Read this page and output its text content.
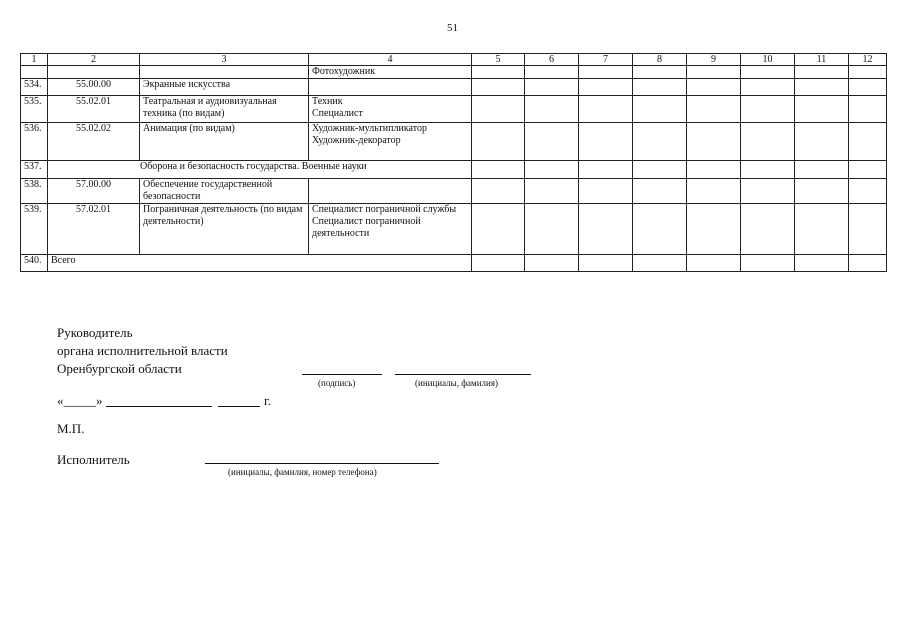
51
1	2	3	4	5	6	7	8	9	10	11	12
			Фотохудожник								
534.	55.00.00	Экранные искусства									
535.	55.02.01	Театральная и аудиовизуальная техника (по видам)	Техник
Специалист								
536.	55.02.02	Анимация (по видам)	Художник-мультипликатор
Художник-декоратор								
537.	Оборона и безопасность государства. Военные науки										
538.	57.00.00	Обеспечение государственной безопасности									
539.	57.02.01	Пограничная деятельность (по видам деятельности)	Специалист пограничной службы
Специалист пограничной деятельности								
540.	Всего										
Руководитель
органа исполнительной власти
Оренбургской области
(подпись)	(инициалы, фамилия)
«_____»	г.
М.П.
Исполнитель
(инициалы, фамилия, номер телефона)
